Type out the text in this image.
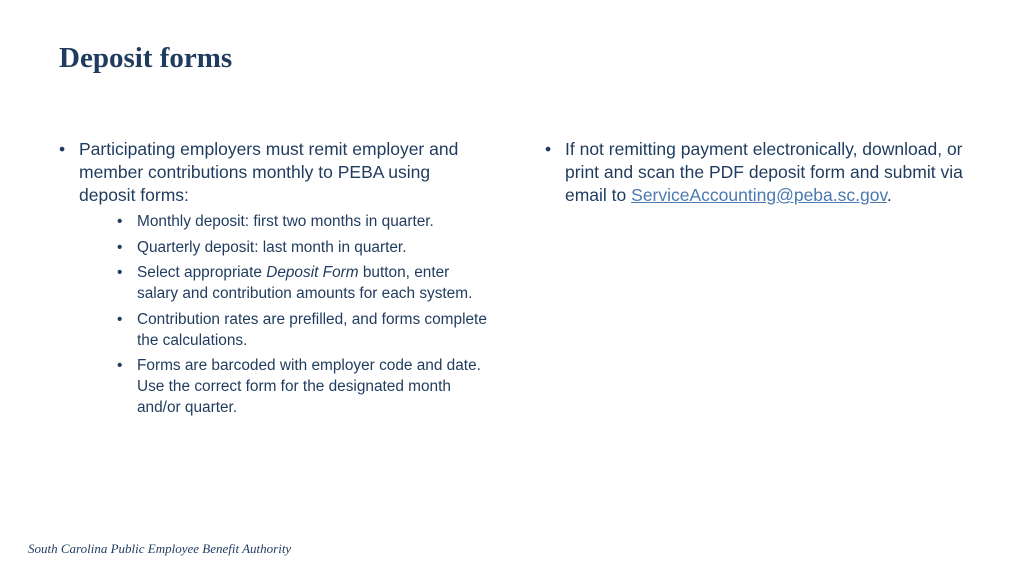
Deposit forms
• Participating employers must remit employer and member contributions monthly to PEBA using deposit forms:
• Monthly deposit: first two months in quarter.
• Quarterly deposit: last month in quarter.
• Select appropriate Deposit Form button, enter salary and contribution amounts for each system.
• Contribution rates are prefilled, and forms complete the calculations.
• Forms are barcoded with employer code and date. Use the correct form for the designated month and/or quarter.
• If not remitting payment electronically, download, or print and scan the PDF deposit form and submit via email to ServiceAccounting@peba.sc.gov.
South Carolina Public Employee Benefit Authority
